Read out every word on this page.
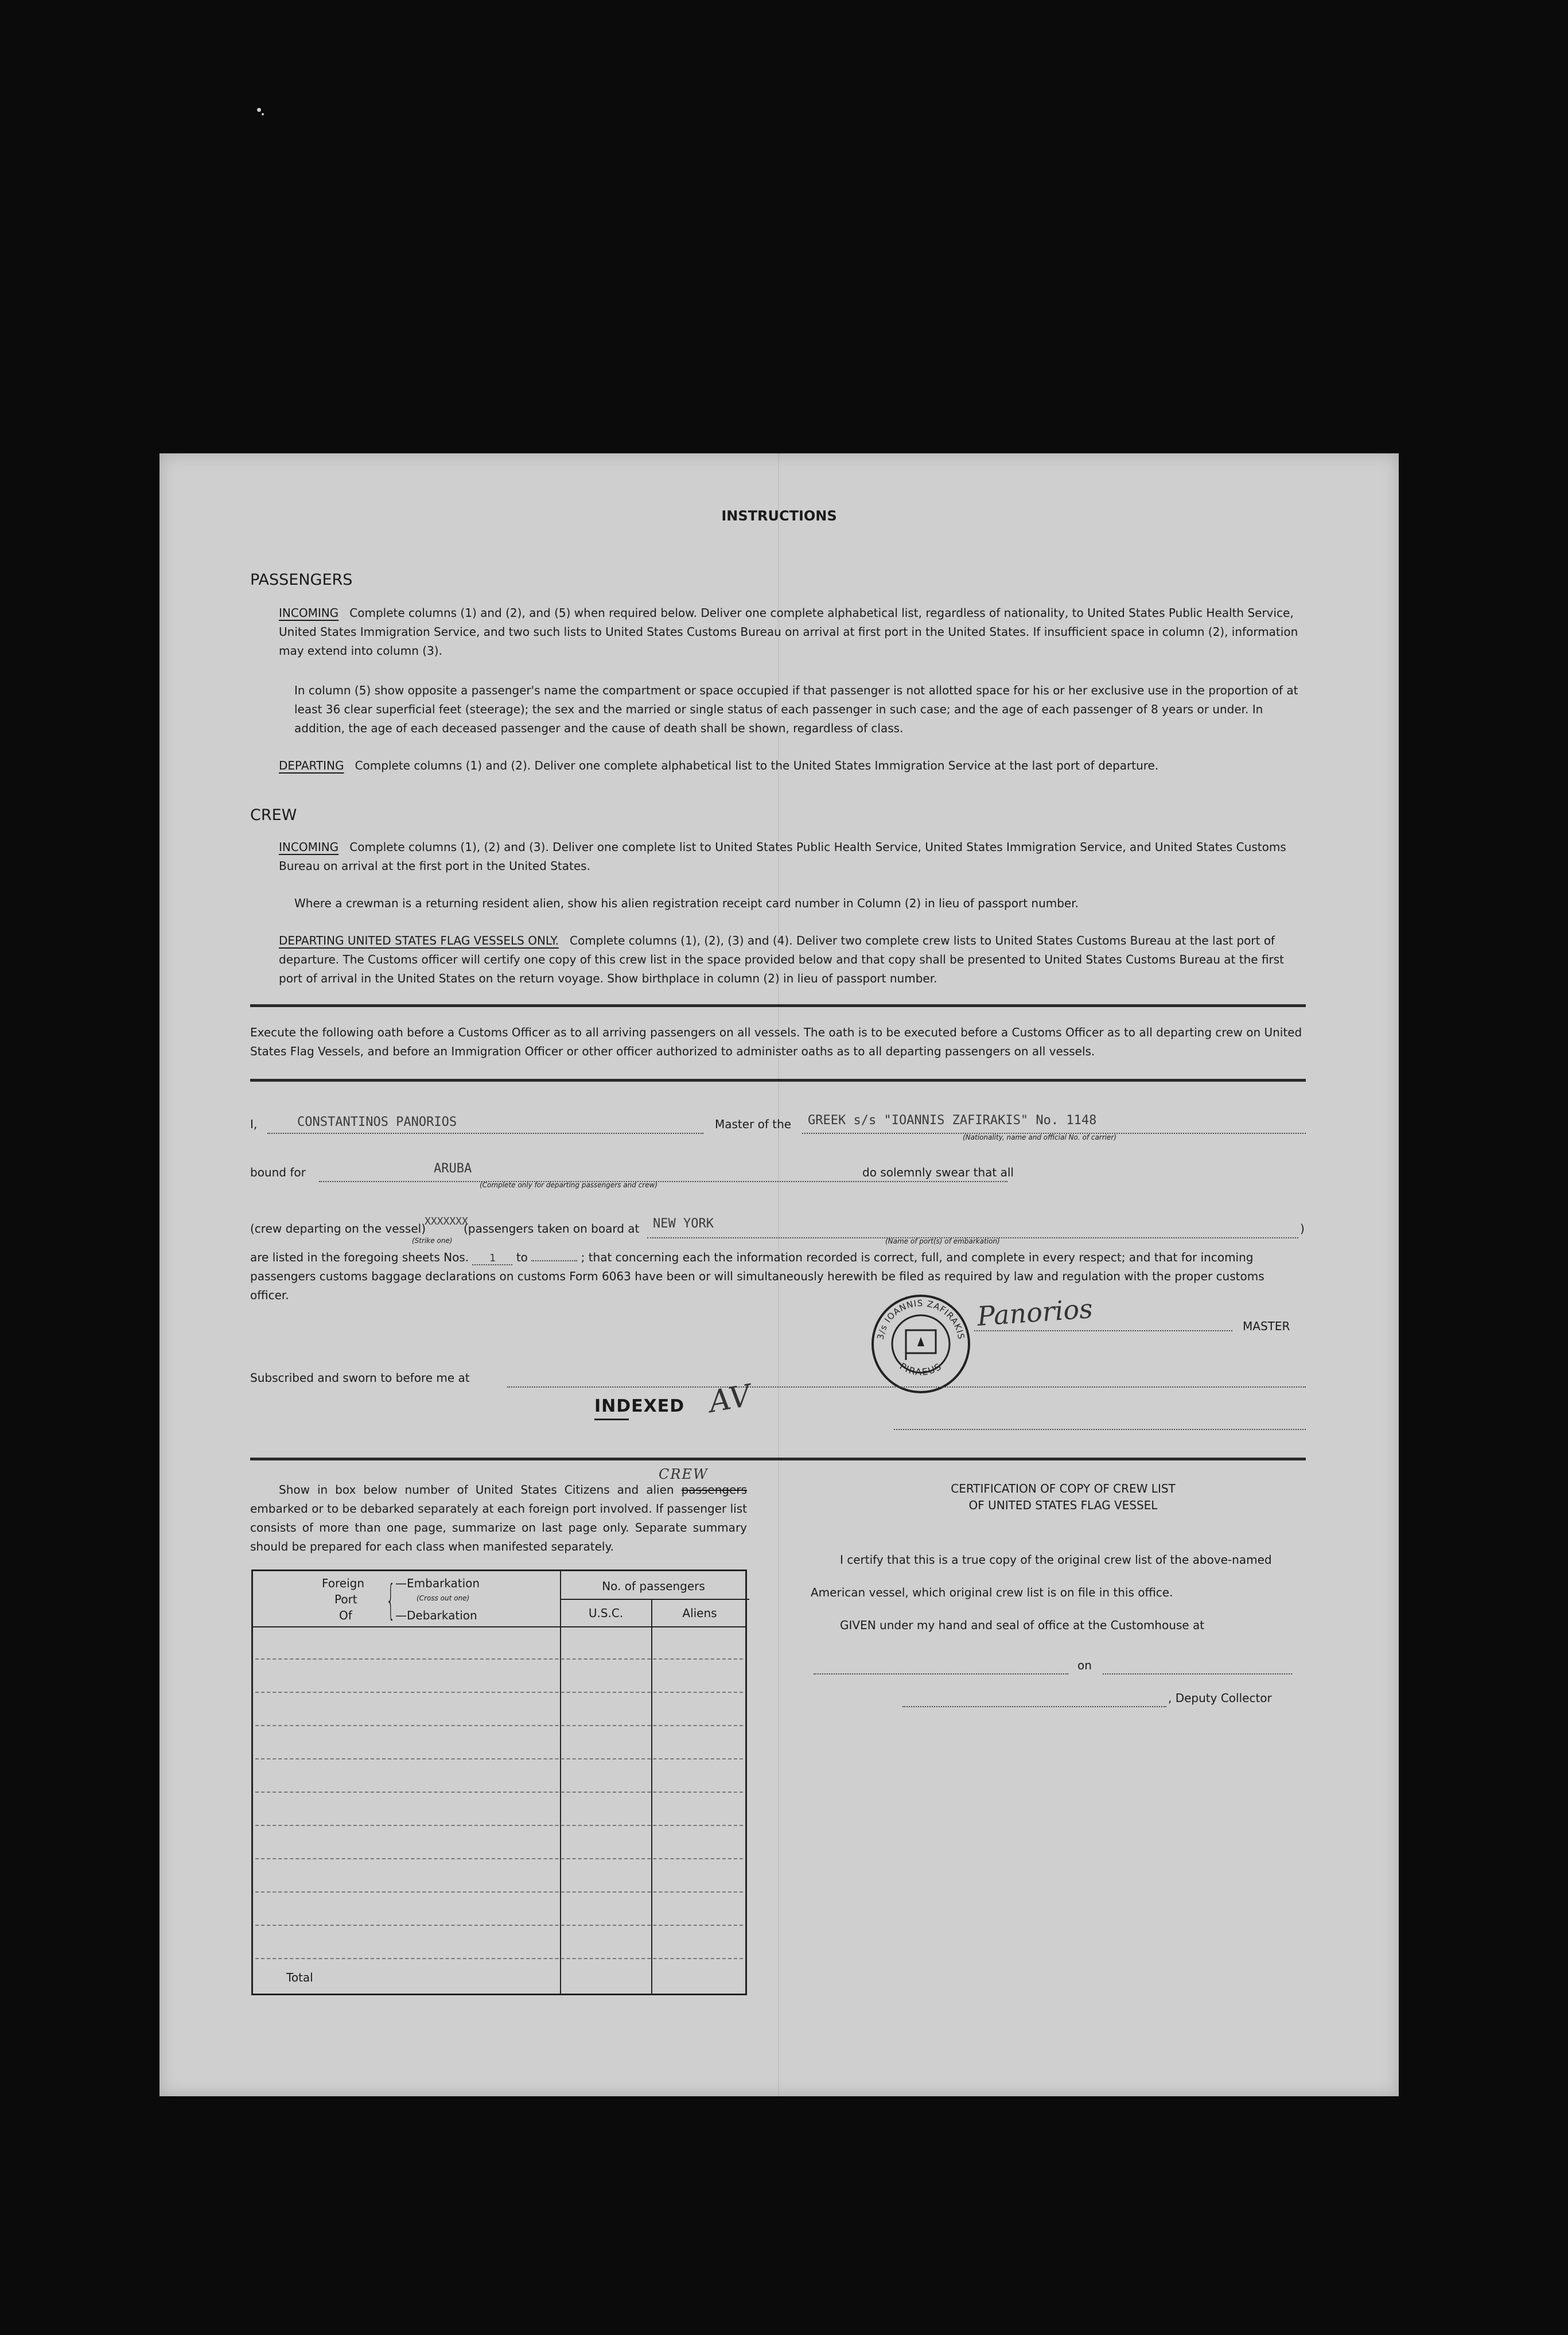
INSTRUCTIONS
PASSENGERS

INCOMING Complete columns (1) and (2), and (5) when required below. Deliver one complete alphabetical list, regardless of nationality, to United States Public Health Service, United States Immigration Service, and two such lists to United States Customs Bureau on arrival at first port in the United States. If insufficient space in column (2), information may extend into column (3).

In column (5) show opposite a passenger's name the compartment or space occupied if that passenger is not allotted space for his or her exclusive use in the proportion of at least 36 clear superficial feet (steerage); the sex and the married or single status of each passenger in such case; and the age of each passenger of 8 years or under. In addition, the age of each deceased passenger and the cause of death shall be shown, regardless of class.

DEPARTING Complete columns (1) and (2). Deliver one complete alphabetical list to the United States Immigration Service at the last port of departure.

CREW

INCOMING Complete columns (1), (2) and (3). Deliver one complete list to United States Public Health Service, United States Immigration Service, and United States Customs Bureau on arrival at the first port in the United States.

Where a crewman is a returning resident alien, show his alien registration receipt card number in Column (2) in lieu of passport number.

DEPARTING UNITED STATES FLAG VESSELS ONLY. Complete columns (1), (2), (3) and (4). Deliver two complete crew lists to United States Customs Bureau at the last port of departure. The Customs officer will certify one copy of this crew list in the space provided below and that copy shall be presented to United States Customs Bureau at the first port of arrival in the United States on the return voyage. Show birthplace in column (2) in lieu of passport number.

Execute the following oath before a Customs Officer as to all arriving passengers on all vessels. The oath is to be executed before a Customs Officer as to all departing crew on United States Flag Vessels, and before an Immigration Officer or other officer authorized to administer oaths as to all departing passengers on all vessels.

I,	CONSTANTINOS PANORIOS	Master of the GREEK s/s "IOANNIS ZAFIRAKIS" No. 1148
(Nationality, name and official No. of carrier)
bound for	ARUBA
(Complete only for departing passengers and crew)
do solemnly swear that all
(crew departing on the vessel)
XXXXXXX
(Strike one)
(passengers taken on board at NEW YORK
(Name of port(s) of embarkation)
)

are listed in the foregoing sheets Nos. 1 to	; that concerning each the information recorded is correct, full, and complete in every respect; and that for incoming passengers customs baggage declarations on customs Form 6063 have been or will simultaneously herewith be filed as required by law and regulation with the proper customs officer.

3/s IOANNIS ZAFIRAKIS
PIRAEUS
Panorios	MASTER
Subscribed and sworn to before me at
INDEXED AV
CREW

Show in box below number of United States Citizens and alien passengers embarked or to be debarked separately at each foreign port involved. If passenger list consists of more than one page, summarize on last page only. Separate summary should be prepared for each class when manifested separately.

Foreign
Port
Of { —Embarkation
(Cross out one)
—Debarkation
No. of passengers
U.S.C.	Aliens
Total
CERTIFICATION OF COPY OF CREW LIST
OF UNITED STATES FLAG VESSEL
I certify that this is a true copy of the original crew list of the above-named
American vessel, which original crew list is on file in this office.
GIVEN under my hand and seal of office at the Customhouse at
on
, Deputy Collector
